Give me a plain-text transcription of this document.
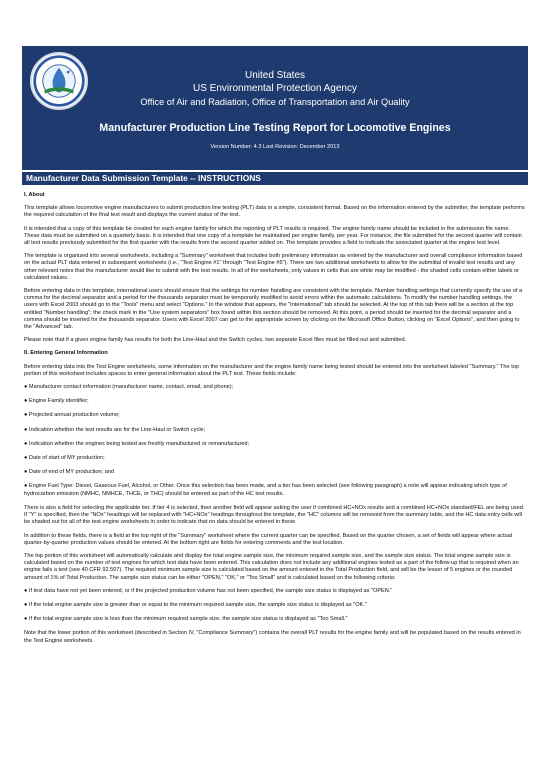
United States
US Environmental Protection Agency
Office of Air and Radiation, Office of Transportation and Air Quality
Manufacturer Production Line Testing Report for Locomotive Engines
Version Number: 4.3 Last Revision: December 2013
Manufacturer Data Submission Template -- INSTRUCTIONS
I. About

This template allows locomotive engine manufacturers to submit production line testing (PLT) data in a simple, consistent format. Based on the information entered by the submitter, the template performs the required calculation of the final test result and displays the current status of the test.

It is intended that a copy of this template be created for each engine family for which the reporting of PLT results is required. The engine family name should be included in the submission file name. These data must be submitted on a quarterly basis. It is intended that one copy of a template be maintained per engine family, per year. For instance, the file submitted for the second quarter will contain all test results previously submitted for the first quarter with the results from the second quarter added on. The template provides a field to indicate the associated quarter at the engine test level.

The template is organized into several worksheets, including a "Summary" worksheet that includes both preliminary information as entered by the manufacturer and overall compliance information based on the actual PLT data entered in subsequent worksheets (i.e., "Test Engine #1" through "Test Engine #5"). There are two additional worksheets to allow for the submittal of invalid test results and any other relevant notes that the manufacturer would like to submit with the test results. In all of the worksheets, only values in cells that are white may be modified - the shaded cells contain either labels or calculated values.

Before entering data in this template, international users should ensure that the settings for number handling are consistent with the template. Number handling settings that currently specify the use of a comma for the decimal separator and a period for the thousands separator must be temporarily modified to avoid errors within the automatic calculations. To modify the number handling settings, the users with Excel 2003 should go to the "Tools" menu and select "Options." In the window that appears, the "International" tab should be selected. At the top of this tab there will be a section at the top entitled "Number handling"; the check mark in the "Use system separators" box found within this section should be removed. At this point, a period should be inserted for the decimal separator and a comma should be inserted for the thousands separator. Users with Excel 2007 can get to the appropriate screen by clicking on the Microsoft Office Button, clicking on "Excel Options", and then going to the "Advanced" tab.

Please note that if a given engine family has results for both the Line-Haul and the Switch cycles, two separate Excel files must be filled out and submitted.

II. Entering General Information

Before entering data into the Test Engine worksheets, some information on the manufacturer and the engine family name being tested should be entered into the worksheet labeled "Summary." The top portion of this worksheet includes spaces to enter general information about the PLT test. These fields include:

● Manufacturer contact information (manufacturer name, contact, email, and phone);

● Engine Family identifier;

● Projected annual production volume;

● Indication whether the test results are for the Line-Haul or Switch cycle;

● Indication whether the engines being tested are freshly manufactured or remanufactured;

● Date of start of MY production;

● Date of end of MY production; and

● Engine Fuel Type: Diesel, Gaseous Fuel, Alcohol, or Other. Once this selection has been made, and a tier has been selected (see following paragraph) a note will appear indicating which type of hydrocarbon emission (NMHC, NMHCE, THCE, or THC) should be entered as part of the HC test results.

There is also a field for selecting the applicable tier. If tier 4 is selected, then another field will appear asking the user if combined HC+NOx results and a combined HC+NOx standard/FEL are being used. If "Y" is specified, then the "NOx" headings will be replaced with "HC+NOx" headings throughout the template, the "HC" columns will be removed from the summary table, and the HC data entry cells will be shaded out for all of the test engine worksheets in order to indicate that no data should be entered in these.

In addition to these fields, there is a field at the top right of the "Summary" worksheet where the current quarter can be specified. Based on the quarter chosen, a set of fields will appear where actual quarter-by-quarter production values should be entered. At the bottom right are fields for entering comments and the test location.

The top portion of this worksheet will automatically calculate and display the total engine sample size, the minimum required sample size, and the sample size status. The total engine sample size is calculated based on the number of test engines for which test data have been entered. This calculation does not include any additional engines tested as a part of the follow-up that is required when an engine fails a test (see 40 CFR 92.507). The required minimum sample size is calculated based on the amount entered in the Total Production field, and will be the lesser of 5 engines or the rounded amount of 1% of Total Production. The sample size status can be either "OPEN," "OK," or "Too Small" and is calculated based on the following criteria:

● If test data have not yet been entered, or if the projected production volume has not been specified, the sample size status is displayed as "OPEN."

● If the total engine sample size is greater than or equal to the minimum required sample size, the sample size status is displayed as "OK."

● If the total engine sample size is less than the minimum required sample size, the sample size status is displayed as "Too Small."

Note that the lower portion of this worksheet (described in Section IV, "Compliance Summary") contains the overall PLT results for the engine family and will be populated based on the results entered in the Test Engine worksheets.
